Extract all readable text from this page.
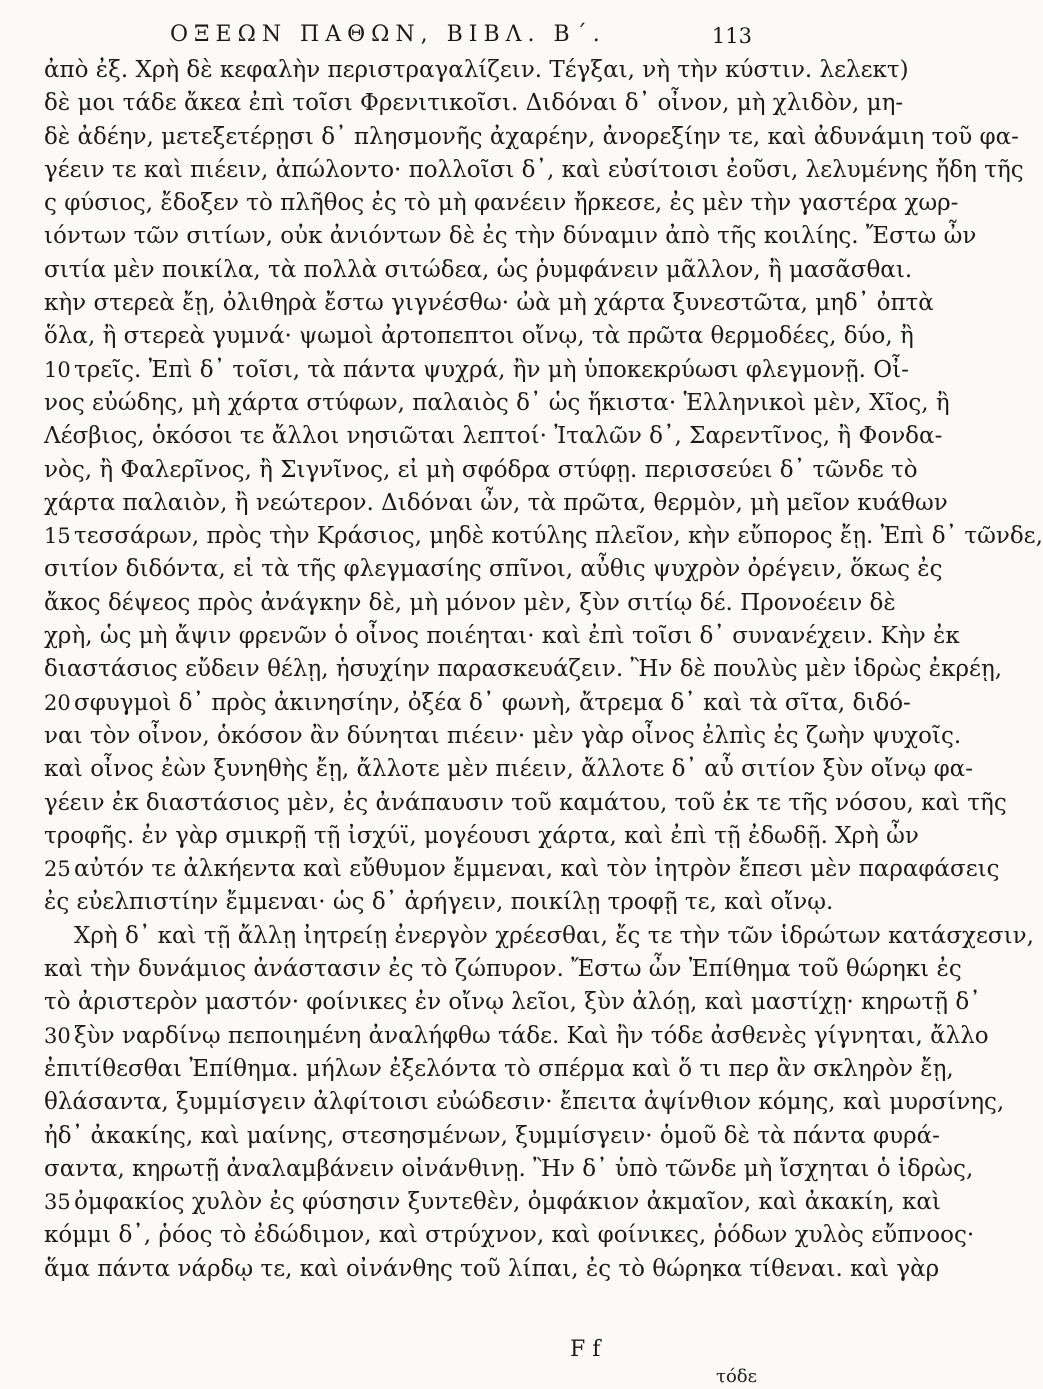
ΟΞΕΩΝ ΠΑΘΩΝ, ΒΙΒΛ. Β΄.	113
ἀπὸ ἐξ. Χρὴ δὲ κεφαλὴν περιστραγαλίζειν. Τέγξαι, νὴ τὴν κύστιν. λελεκτ)
δὲ μοι τάδε ἄκεα ἐπὶ τοῖσι Φρενιτικοῖσι. Διδόναι δ᾽ οἶνον, μὴ χλιδὸν, μη-
δὲ ἀδέην, μετεξετέρῃσι δ᾽ πλησμονῆς ἀχαρέην, ἀνορεξίην τε, καὶ ἀδυνάμιη τοῦ φα-
γέειν τε καὶ πιέειν, ἀπώλοντο· πολλοῖσι δ᾽, καὶ εὐσίτοισι ἐοῦσι, λελυμένης ἤδη τῆς
ς φύσιος, ἔδοξεν τὸ πλῆθος ἐς τὸ μὴ φανέειν ἤρκεσε, ἐς μὲν τὴν γαστέρα χωρ-
ιόντων τῶν σιτίων, οὐκ ἀνιόντων δὲ ἐς τὴν δύναμιν ἀπὸ τῆς κοιλίης. Ἔστω ὦν
σιτία μὲν ποικίλα, τὰ πολλὰ σιτώδεα, ὡς ῥυμφάνειν μᾶλλον, ἢ μασᾶσθαι.
κὴν στερεὰ ἔῃ, ὀλιθηρὰ ἔστω γιγνέσθω· ὠὰ μὴ χάρτα ξυνεστῶτα, μηδ᾽ ὀπτὰ
ὅλα, ἢ στερεὰ γυμνά· ψωμοὶ ἀρτοπεπτοι οἴνῳ, τὰ πρῶτα θερμοδέες, δύο, ἢ
10 τρεῖς. Ἐπὶ δ᾽ τοῖσι, τὰ πάντα ψυχρά, ἢν μὴ ὑποκεκρύωσι φλεγμονῇ. Οἶ-
νος εὐώδης, μὴ χάρτα στύφων, παλαιὸς δ᾽ ὡς ἥκιστα· Ἑλληνικοὶ μὲν, Χῖος, ἢ
Λέσβιος, ὁκόσοι τε ἄλλοι νησιῶται λεπτοί· Ἰταλῶν δ᾽, Σαρεντῖνος, ἢ Φονδα-
νὸς, ἢ Φαλερῖνος, ἢ Σιγνῖνος, εἰ μὴ σφόδρα στύφῃ. περισσεύει δ᾽ τῶνδε τὸ
χάρτα παλαιὸν, ἢ νεώτερον. Διδόναι ὦν, τὰ πρῶτα, θερμὸν, μὴ μεῖον κυάθων
15 τεσσάρων, πρὸς τὴν Κράσιος, μηδὲ κοτύλης πλεῖον, κὴν εὔπορος ἔῃ. Ἐπὶ δ᾽ τῶνδε,
σιτίον διδόντα, εἰ τὰ τῆς φλεγμασίης σπῖνοι, αὖθις ψυχρὸν ὀρέγειν, ὅκως ἐς
ἄκος δέψεος πρὸς ἀνάγκην δὲ, μὴ μόνον μὲν, ξὺν σιτίῳ δέ. Προνοέειν δὲ
χρὴ, ὡς μὴ ἄψιν φρενῶν ὁ οἶνος ποιέηται· καὶ ἐπὶ τοῖσι δ᾽ συνανέχειν. Κὴν ἐκ
διαστάσιος εὔδειν θέλῃ, ἡσυχίην παρασκευάζειν. Ἢν δὲ πουλὺς μὲν ἱδρὼς ἐκρέῃ,
20 σφυγμοὶ δ᾽ πρὸς ἀκινησίην, ὀξέα δ᾽ φωνὴ, ἄτρεμα δ᾽ καὶ τὰ σῖτα, διδό-
ναι τὸν οἶνον, ὁκόσον ἂν δύνηται πιέειν· μὲν γὰρ οἶνος ἐλπὶς ἐς ζωὴν ψυχοῖς.
καὶ οἶνος ἐὼν ξυνηθὴς ἔῃ, ἄλλοτε μὲν πιέειν, ἄλλοτε δ᾽ αὖ σιτίον ξὺν οἴνῳ φα-
γέειν ἐκ διαστάσιος μὲν, ἐς ἀνάπαυσιν τοῦ καμάτου, τοῦ ἐκ τε τῆς νόσου, καὶ τῆς
τροφῆς. ἐν γὰρ σμικρῇ τῇ ἰσχύϊ, μογέουσι χάρτα, καὶ ἐπὶ τῇ ἐδωδῇ. Χρὴ ὦν
25 αὐτόν τε ἀλκήεντα καὶ εὔθυμον ἔμμεναι, καὶ τὸν ἰητρὸν ἔπεσι μὲν παραφάσεις
ἐς εὐελπιστίην ἔμμεναι· ὡς δ᾽ ἀρήγειν, ποικίλῃ τροφῇ τε, καὶ οἴνῳ.
Χρὴ δ᾽ καὶ τῇ ἄλλῃ ἰητρείῃ ἐνεργὸν χρέεσθαι, ἔς τε τὴν τῶν ἱδρώτων κατάσχεσιν,
καὶ τὴν δυνάμιος ἀνάστασιν ἐς τὸ ζώπυρον. Ἔστω ὦν Ἐπίθημα τοῦ θώρηκι ἐς
τὸ ἀριστερὸν μαστόν· φοίνικες ἐν οἴνῳ λεῖοι, ξὺν ἀλόῃ, καὶ μαστίχῃ· κηρωτῇ δ᾽
30 ξὺν ναρδίνῳ πεποιημένη ἀναλήφθω τάδε. Καὶ ἢν τόδε ἀσθενὲς γίγνηται, ἄλλο
ἐπιτίθεσθαι Ἐπίθημα. μήλων ἐξελόντα τὸ σπέρμα καὶ ὅ τι περ ἂν σκληρὸν ἔῃ,
θλάσαντα, ξυμμίσγειν ἀλφίτοισι εὐώδεσιν· ἔπειτα ἀψίνθιον κόμης, καὶ μυρσίνης,
ἠδ᾽ ἀκακίης, καὶ μαίνης, στεσησμένων, ξυμμίσγειν· ὁμοῦ δὲ τὰ πάντα φυρά-
σαντα, κηρωτῇ ἀναλαμβάνειν οἰνάνθινῃ. Ἢν δ᾽ ὑπὸ τῶνδε μὴ ἴσχηται ὁ ἱδρὼς,
35 ὀμφακίος χυλὸν ἐς φύσησιν ξυντεθὲν, ὀμφάκιον ἀκμαῖον, καὶ ἀκακίη, καὶ
κόμμι δ᾽, ῥόος τὸ ἐδώδιμον, καὶ στρύχνον, καὶ φοίνικες, ῥόδων χυλὸς εὔπνοος·
ἅμα πάντα νάρδῳ τε, καὶ οἰνάνθης τοῦ λίπαι, ἐς τὸ θώρηκα τίθεναι. καὶ γὰρ
F f
τόδε
